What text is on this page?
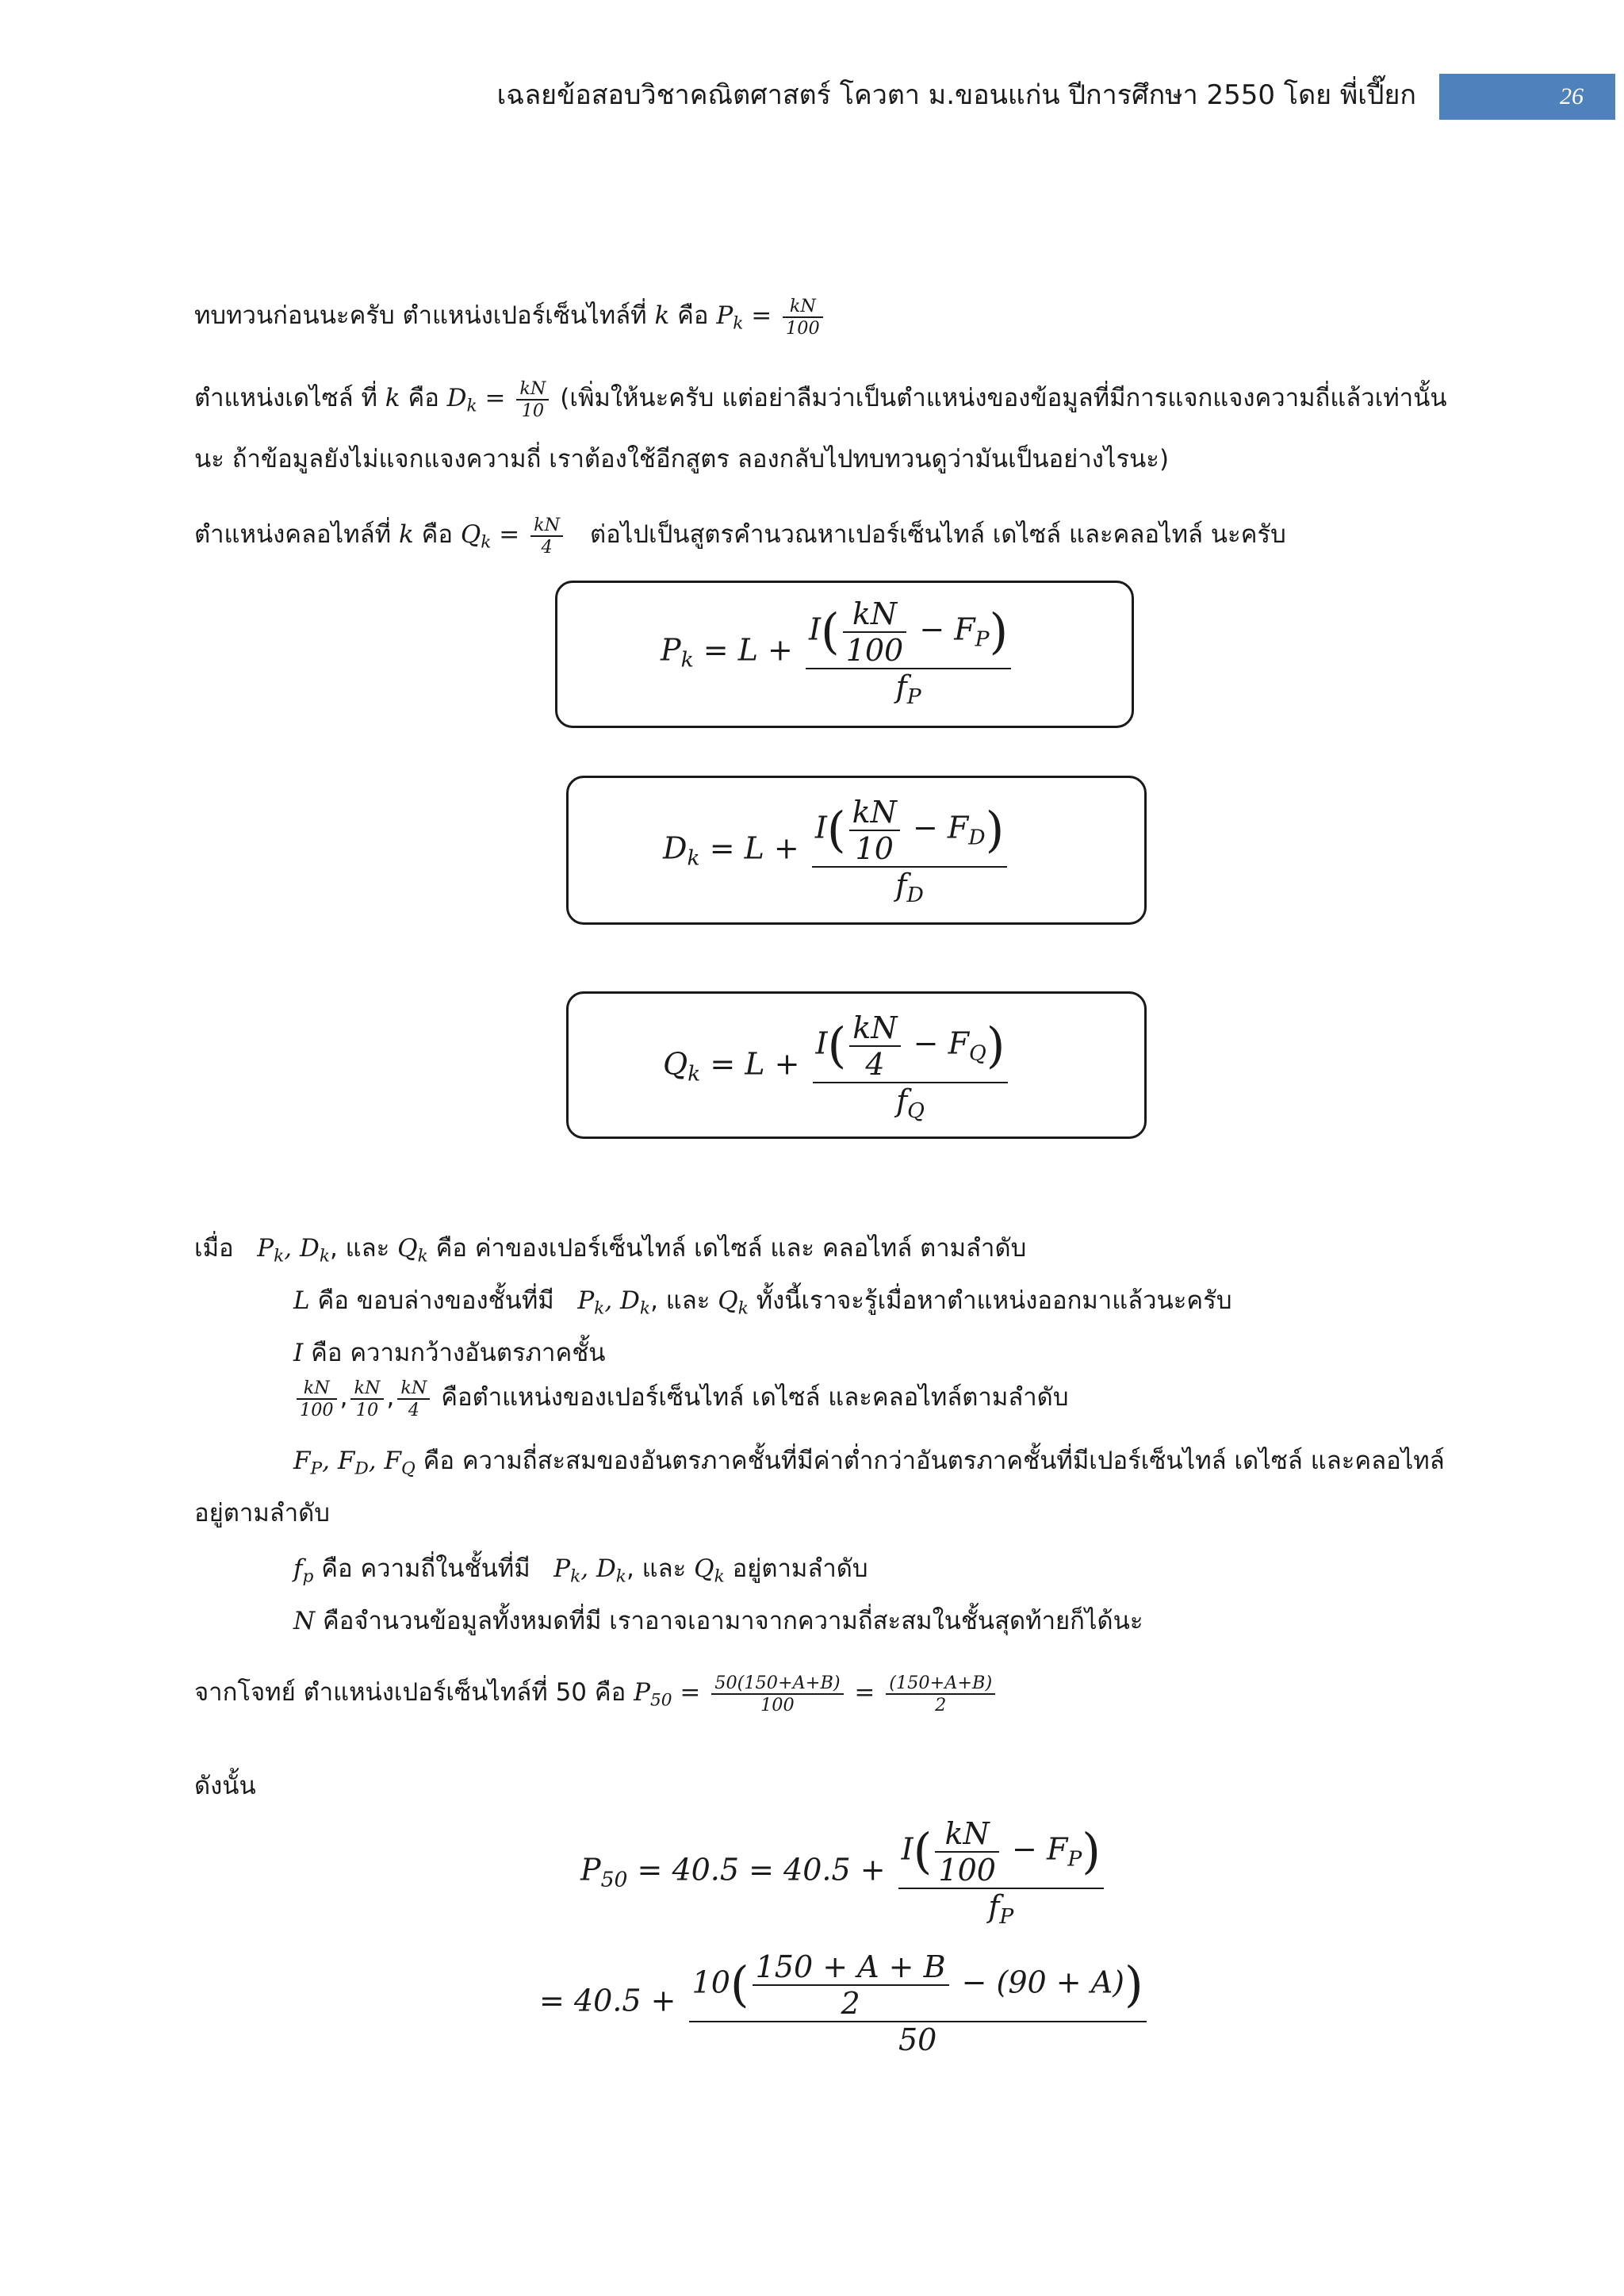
เฉลยข้อสอบวิชาคณิตศาสตร์ โควตา ม.ขอนแก่น ปีการศึกษา 2550 โดย พี่เปี๊ยก	26
ทบทวนก่อนนะครับ ตำแหน่งเปอร์เซ็นไทล์ที่ k คือ $P_k = \frac{kN}{100}$
ตำแหน่งเดไซล์ ที่ k คือ $D_k = \frac{kN}{10}$ (เพิ่มให้นะครับ แต่อย่าลืมว่าเป็นตำแหน่งของข้อมูลที่มีการแจกแจงความถี่แล้วเท่านั้น
นะ ถ้าข้อมูลยังไม่แจกแจงความถี่ เราต้องใช้อีกสูตร ลองกลับไปทบทวนดูว่ามันเป็นอย่างไรนะ)
ตำแหน่งคลอไทล์ที่ k คือ $Q_k = \frac{kN}{4}$ ต่อไปเป็นสูตรคำนวณหาเปอร์เซ็นไทล์ เดไซล์ และคลอไทล์ นะครับ
$P_k = L + \frac{I( \frac{kN}{100} - F_P)}{f_P}$
$D_k = L + \frac{I( \frac{kN}{10} - F_D)}{f_D}$
$Q_k = L + \frac{I( \frac{kN}{4} - F_Q)}{f_Q}$
เมื่อ $P_k$, $D_k$, และ $Q_k$ คือ ค่าของเปอร์เซ็นไทล์ เดไซล์ และ คลอไทล์ ตามลำดับ
L คือ ขอบล่างของชั้นที่มี $P_k$, $D_k$, และ $Q_k$ ทั้งนี้เราจะรู้เมื่อหาตำแหน่งออกมาแล้วนะครับ
I คือ ความกว้างอันตรภาคชั้น
$\frac{kN}{100}$ , $\frac{kN}{10}$ , $\frac{kN}{4}$ คือตำแหน่งของเปอร์เซ็นไทล์ เดไซล์ และคลอไทล์ตามลำดับ
$F_P$, $F_D$, $F_Q$ คือ ความถี่สะสมของอันตรภาคชั้นที่มีค่าต่ำกว่าอันตรภาคชั้นที่มีเปอร์เซ็นไทล์ เดไซล์ และคลอไทล์
อยู่ตามลำดับ
$f_p$ คือ ความถี่ในชั้นที่มี $P_k$, $D_k$, และ $Q_k$ อยู่ตามลำดับ
N คือจำนวนข้อมูลทั้งหมดที่มี เราอาจเอามาจากความถี่สะสมในชั้นสุดท้ายก็ได้นะ
จากโจทย์ ตำแหน่งเปอร์เซ็นไทล์ที่ 50 คือ $P_{50} = \frac{50(150+A+B)}{100} = \frac{(150+A+B)}{2}$
ดังนั้น
$P_{50} = 40.5 = 40.5 + \frac{I( \frac{kN}{100} - F_P)}{f_P}$
= $40.5 + \frac{10( \frac{150 + A + B}{2} - (90 + A))}{50}$
